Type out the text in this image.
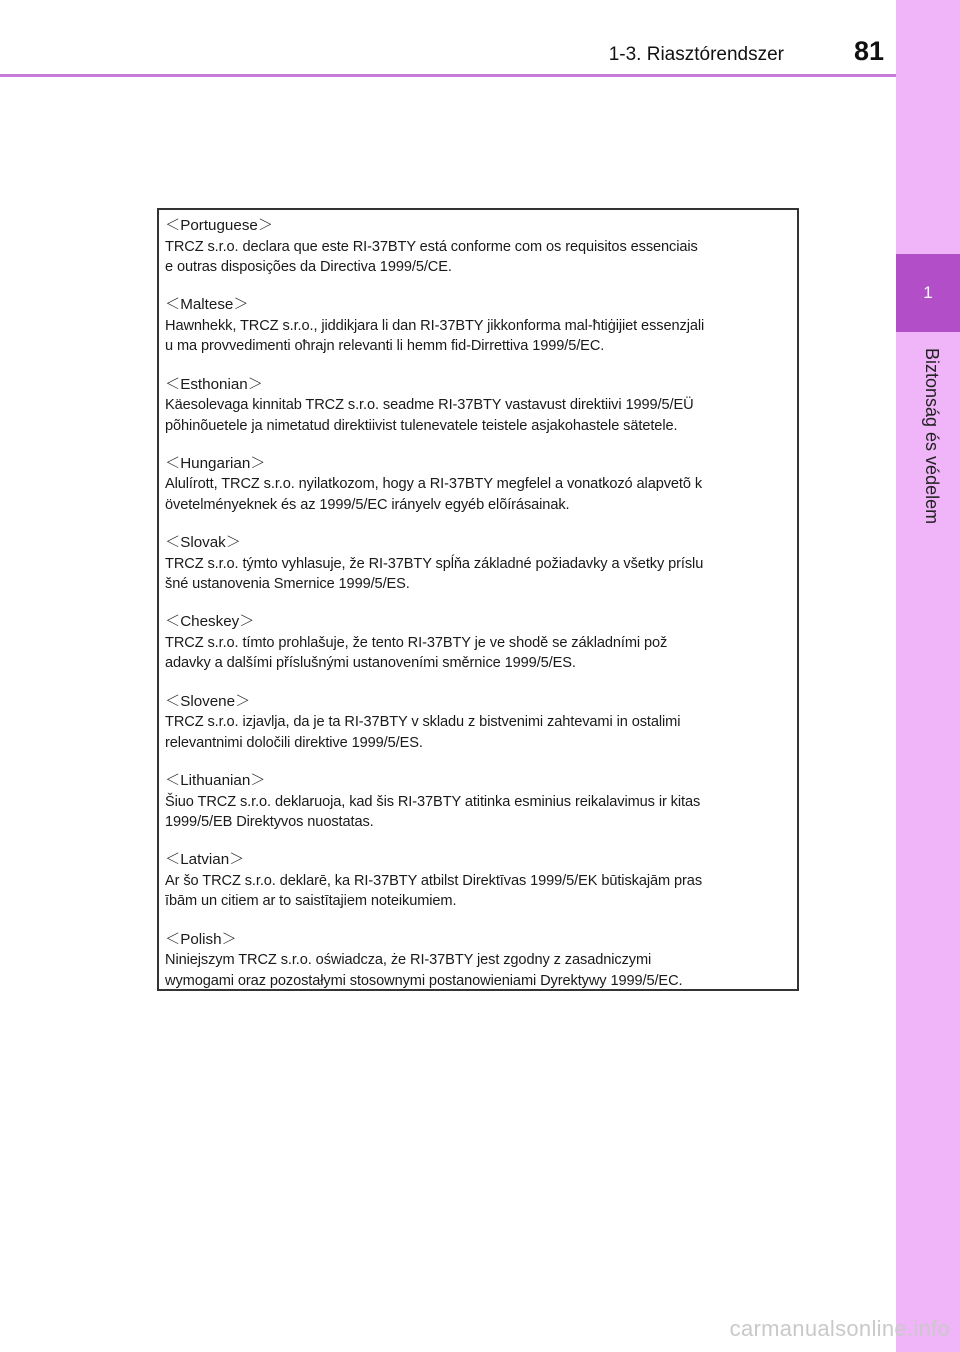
1-3. Riasztórendszer	81
1
Biztonság és védelem
＜Portuguese＞
TRCZ s.r.o. declara que este RI-37BTY está conforme com os requisitos essenciais
e outras disposições da Directiva 1999/5/CE.
＜Maltese＞
Hawnhekk, TRCZ s.r.o., jiddikjara li dan RI-37BTY jikkonforma mal-ħtiġijiet essenzjali
u ma provvedimenti oħrajn relevanti li hemm fid-Dirrettiva 1999/5/EC.
＜Esthonian＞
Käesolevaga kinnitab TRCZ s.r.o. seadme RI-37BTY vastavust direktiivi 1999/5/EÜ
põhinõuetele ja nimetatud direktiivist tulenevatele teistele asjakohastele sätetele.
＜Hungarian＞
Alulírott, TRCZ s.r.o. nyilatkozom, hogy a RI-37BTY megfelel a vonatkozó alapvetõ k
övetelményeknek és az 1999/5/EC irányelv egyéb elõírásainak.
＜Slovak＞
TRCZ s.r.o. týmto vyhlasuje, že RI-37BTY spĺňa základné požiadavky a všetky príslu
šné ustanovenia Smernice 1999/5/ES.
＜Cheskey＞
TRCZ s.r.o. tímto prohlašuje, že tento RI-37BTY je ve shodě se základními pož
adavky a dalšími příslušnými ustanoveními směrnice 1999/5/ES.
＜Slovene＞
TRCZ s.r.o. izjavlja, da je ta RI-37BTY v skladu z bistvenimi zahtevami in ostalimi
relevantnimi določili direktive 1999/5/ES.
＜Lithuanian＞
Šiuo TRCZ s.r.o. deklaruoja, kad šis RI-37BTY atitinka esminius reikalavimus ir kitas
1999/5/EB Direktyvos nuostatas.
＜Latvian＞
Ar šo TRCZ s.r.o. deklarē, ka RI-37BTY atbilst Direktīvas 1999/5/EK būtiskajām pras
ībām un citiem ar to saistītajiem noteikumiem.
＜Polish＞
Niniejszym TRCZ s.r.o. oświadcza, że RI-37BTY jest zgodny z zasadniczymi
wymogami oraz pozostałymi stosownymi postanowieniami Dyrektywy 1999/5/EC.
carmanualsonline.info
